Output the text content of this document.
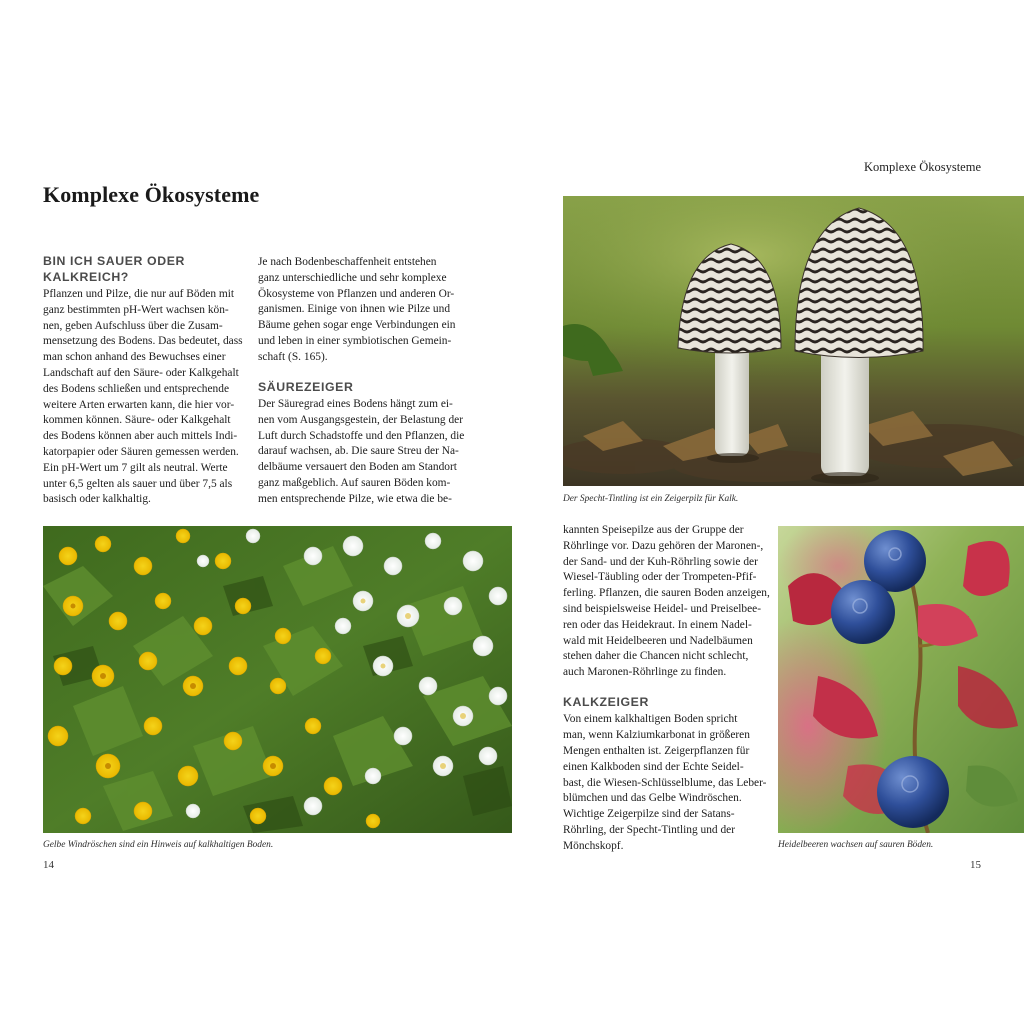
Komplexe Ökosysteme
Komplexe Ökosysteme
BIN ICH SAUER ODER
KALKREICH?

Pflanzen und Pilze, die nur auf Böden mit
ganz bestimmten pH-Wert wachsen kön-
nen, geben Aufschluss über die Zusam-
mensetzung des Bodens. Das bedeutet, dass
man schon anhand des Bewuchses einer
Landschaft auf den Säure- oder Kalkgehalt
des Bodens schließen und entsprechende
weitere Arten erwarten kann, die hier vor-
kommen können. Säure- oder Kalkgehalt
des Bodens können aber auch mittels Indi-
katorpapier oder Säuren gemessen werden.
Ein pH-Wert um 7 gilt als neutral. Werte
unter 6,5 gelten als sauer und über 7,5 als
basisch oder kalkhaltig.

Je nach Bodenbeschaffenheit entstehen
ganz unterschiedliche und sehr komplexe
Ökosysteme von Pflanzen und anderen Or-
ganismen. Einige von ihnen wie Pilze und
Bäume gehen sogar enge Verbindungen ein
und leben in einer symbiotischen Gemein-
schaft (S. 165).

SÄUREZEIGER

Der Säuregrad eines Bodens hängt zum ei-
nen vom Ausgangsgestein, der Belastung der
Luft durch Schadstoffe und den Pflanzen, die
darauf wachsen, ab. Die saure Streu der Na-
delbäume versauert den Boden am Standort
ganz maßgeblich. Auf sauren Böden kom-
men entsprechende Pilze, wie etwa die be-

Gelbe Windröschen sind ein Hinweis auf kalkhaltigen Boden.
14
Der Specht-Tintling ist ein Zeigerpilz für Kalk.

kannten Speisepilze aus der Gruppe der
Röhrlinge vor. Dazu gehören der Maronen-,
der Sand- und der Kuh-Röhrling sowie der
Wiesel-Täubling oder der Trompeten-Pfif-
ferling. Pflanzen, die sauren Boden anzeigen,
sind beispielsweise Heidel- und Preiselbee-
ren oder das Heidekraut. In einem Nadel-
wald mit Heidelbeeren und Nadelbäumen
stehen daher die Chancen nicht schlecht,
auch Maronen-Röhrlinge zu finden.

KALKZEIGER

Von einem kalkhaltigen Boden spricht
man, wenn Kalziumkarbonat in größeren
Mengen enthalten ist. Zeigerpflanzen für
einen Kalkboden sind der Echte Seidel-
bast, die Wiesen-Schlüsselblume, das Leber-
blümchen und das Gelbe Windröschen.
Wichtige Zeigerpilze sind der Satans-
Röhrling, der Specht-Tintling und der
Mönchskopf.	Heidelbeeren wachsen auf sauren Böden.
15
